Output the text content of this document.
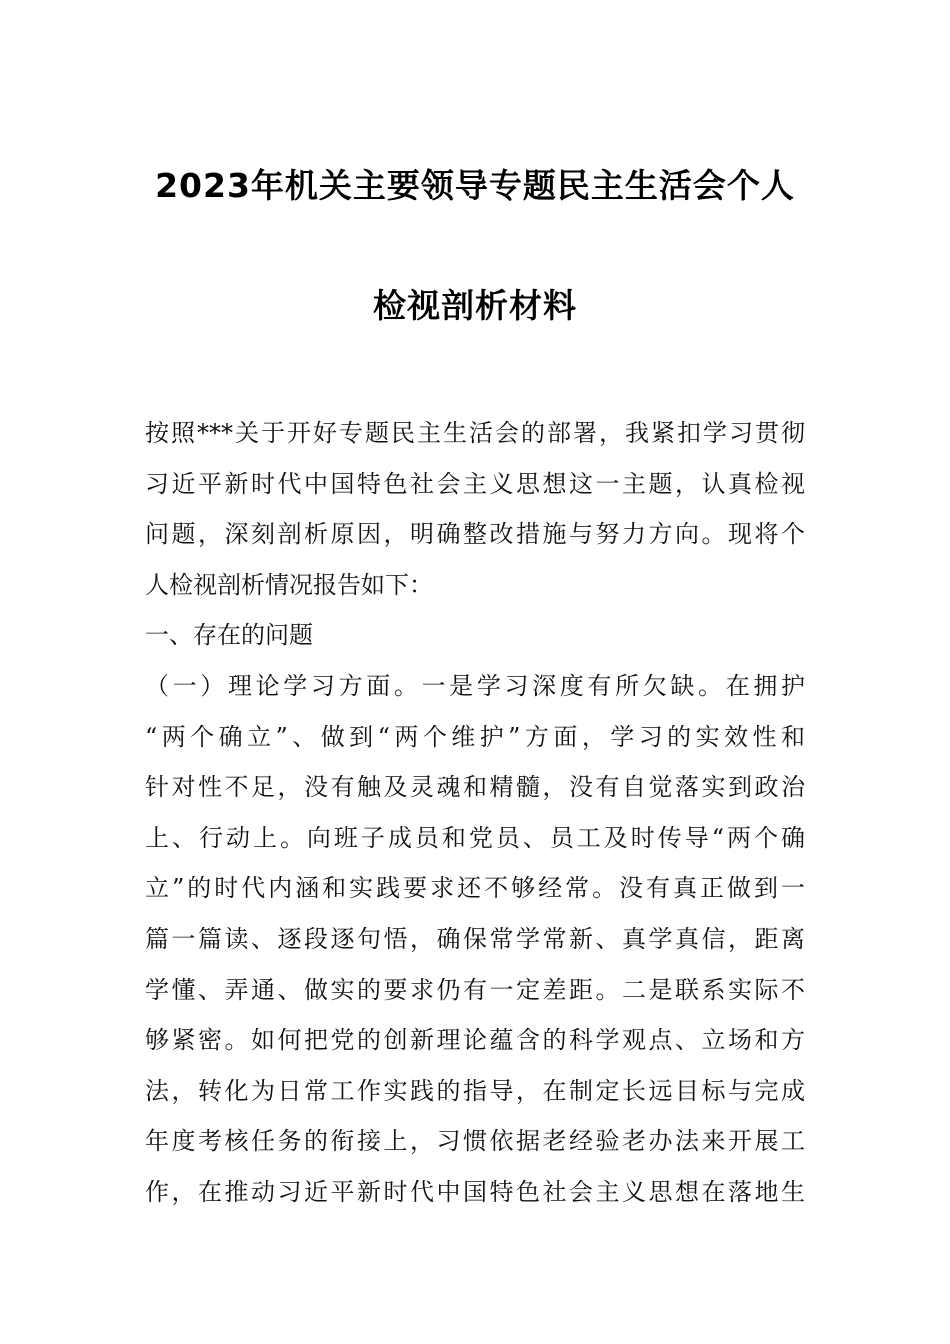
2023年机关主要领导专题民主生活会个人
检视剖析材料
按照***关于开好专题民主生活会的部署，我紧扣学习贯彻
习近平新时代中国特色社会主义思想这一主题，认真检视
问题，深刻剖析原因，明确整改措施与努力方向。现将个
人检视剖析情况报告如下：
一、存在的问题
（一）理论学习方面。一是学习深度有所欠缺。在拥护
“两个确立”、做到“两个维护”方面，学习的实效性和
针对性不足，没有触及灵魂和精髓，没有自觉落实到政治
上、行动上。向班子成员和党员、员工及时传导“两个确
立”的时代内涵和实践要求还不够经常。没有真正做到一
篇一篇读、逐段逐句悟，确保常学常新、真学真信，距离
学懂、弄通、做实的要求仍有一定差距。二是联系实际不
够紧密。如何把党的创新理论蕴含的科学观点、立场和方
法，转化为日常工作实践的指导，在制定长远目标与完成
年度考核任务的衔接上，习惯依据老经验老办法来开展工
作，在推动习近平新时代中国特色社会主义思想在落地生
